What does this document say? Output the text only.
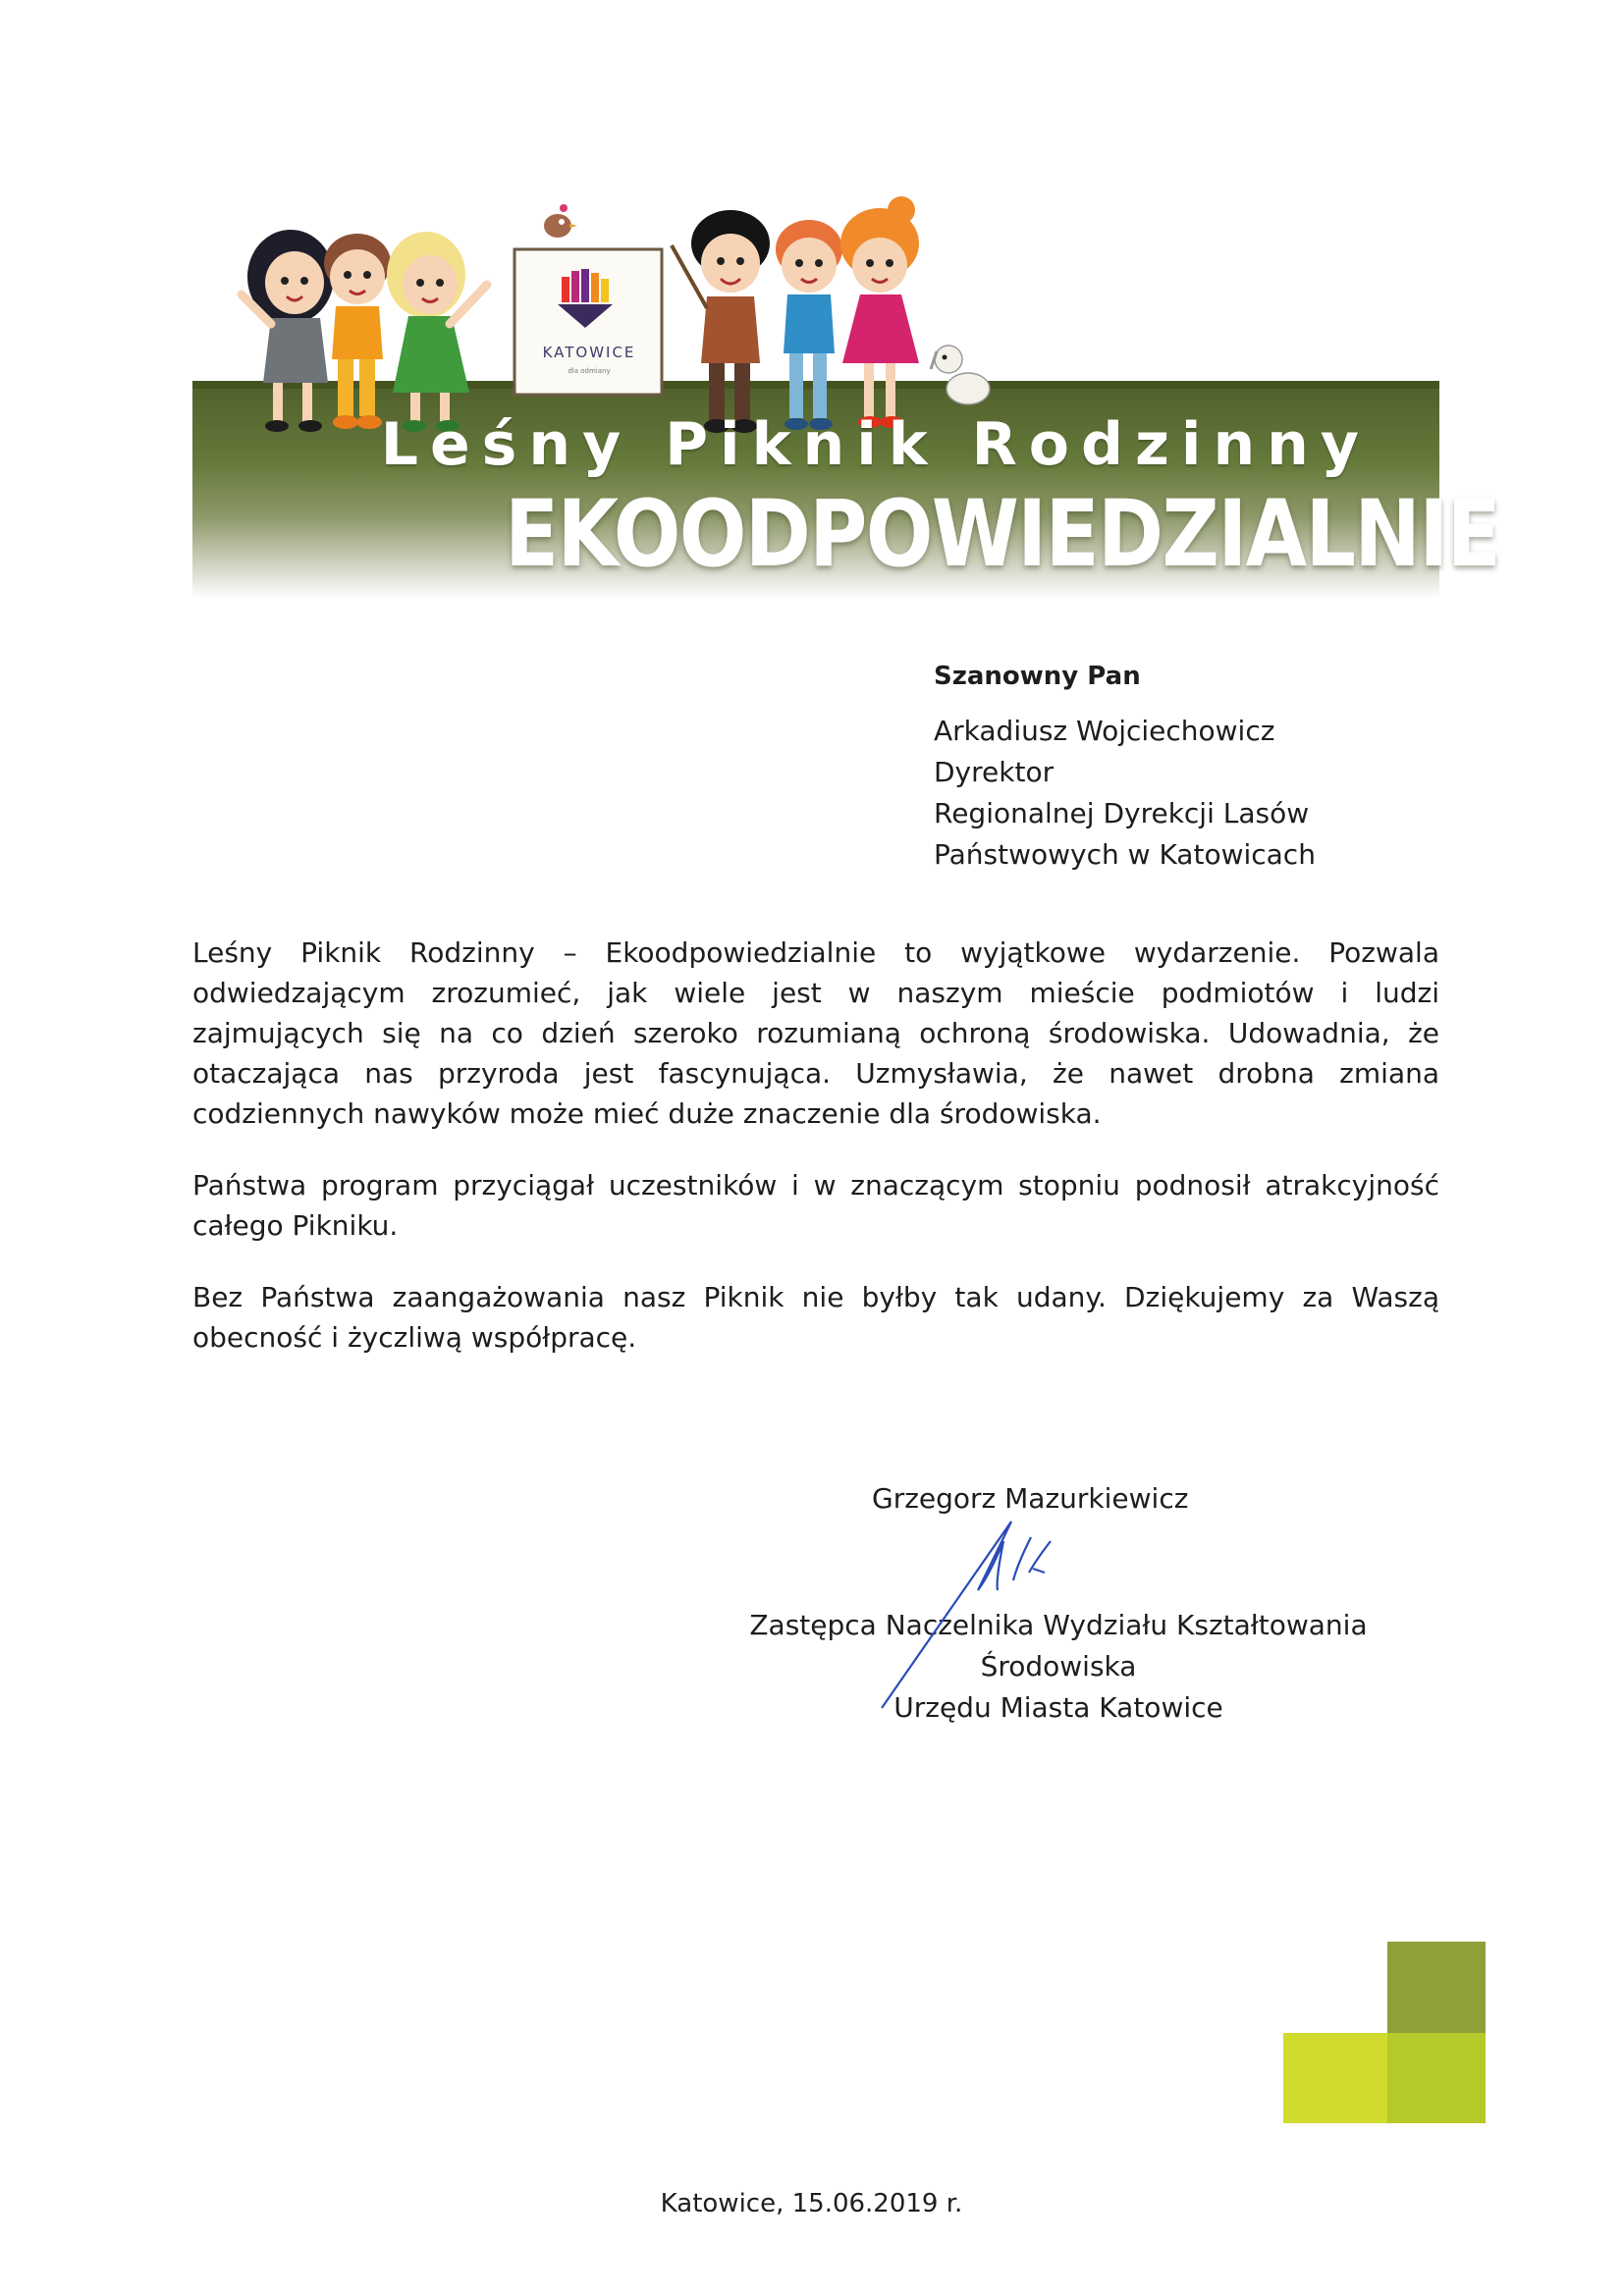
KATOWICE
dla odmiany
Leśny Piknik Rodzinny
EKOODPOWIEDZIALNIE
Szanowny Pan
Arkadiusz Wojciechowicz
Dyrektor
Regionalnej Dyrekcji Lasów
Państwowych w Katowicach

Leśny Piknik Rodzinny – Ekoodpowiedzialnie to wyjątkowe wydarzenie. Pozwala odwiedzającym zrozumieć, jak wiele jest w naszym mieście podmiotów i ludzi zajmujących się na co dzień szeroko rozumianą ochroną środowiska. Udowadnia, że otaczająca nas przyroda jest fascynująca. Uzmysławia, że nawet drobna zmiana codziennych nawyków może mieć duże znaczenie dla środowiska.

Państwa program przyciągał uczestników i w znaczącym stopniu podnosił atrakcyjność całego Pikniku.

Bez Państwa zaangażowania nasz Piknik nie byłby tak udany. Dziękujemy za Waszą obecność i życzliwą współpracę.

Grzegorz Mazurkiewicz
Zastępca Naczelnika Wydziału Kształtowania Środowiska
Urzędu Miasta Katowice
Katowice, 15.06.2019 r.
